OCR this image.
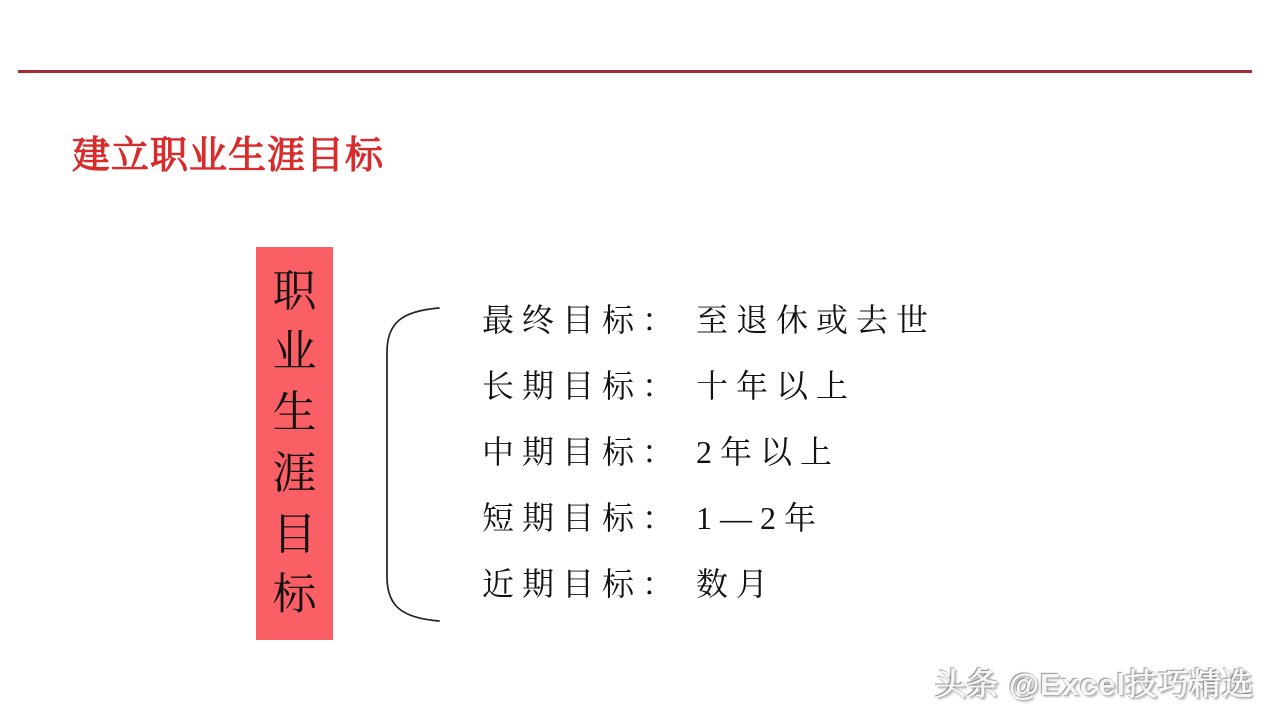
建立职业生涯目标
职
业
生
涯
目
标
最终目标： 至退休或去世
长期目标： 十年以上
中期目标： 2年以上
短期目标： 1—2年
近期目标： 数月
头条 @Excel技巧精选
